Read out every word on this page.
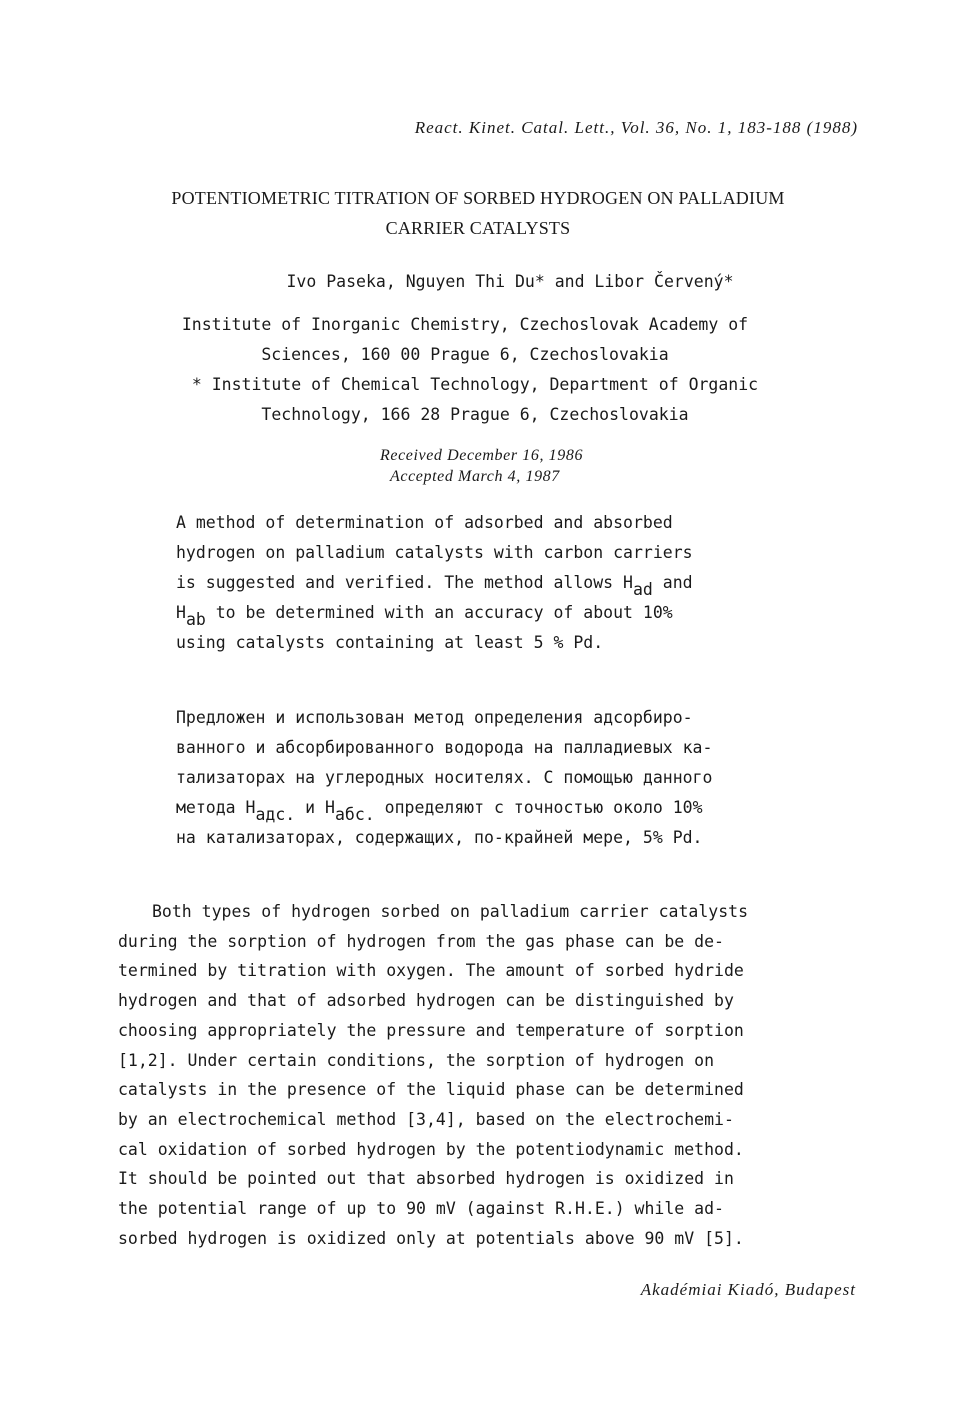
React. Kinet. Catal. Lett., Vol. 36, No. 1, 183-188 (1988)
POTENTIOMETRIC TITRATION OF SORBED HYDROGEN ON PALLADIUM
CARRIER CATALYSTS
Ivo Paseka, Nguyen Thi Du* and Libor Červený*
Institute of Inorganic Chemistry, Czechoslovak Academy of
Sciences, 160 00 Prague 6, Czechoslovakia
* Institute of Chemical Technology, Department of Organic
Technology, 166 28 Prague 6, Czechoslovakia
Received December 16, 1986
Accepted March 4, 1987
A method of determination of adsorbed and absorbed
hydrogen on palladium catalysts with carbon carriers
is suggested and verified. The method allows $H_{ad}$ and
$H_{ab}$ to be determined with an accuracy of about 10%
using catalysts containing at least 5 % Pd.
Предложен и использован метод определения адсорбиро-
ванного и абсорбированного водорода на палладиевых ка-
тализаторах на углеродных носителях. С помощью данного
метода $H_{адс.}$ и $H_{абс.}$ определяют с точностью около 10%
на катализаторах, содержащих, по-крайней мере, 5% Pd.
Both types of hydrogen sorbed on palladium carrier catalysts
during the sorption of hydrogen from the gas phase can be de-
termined by titration with oxygen. The amount of sorbed hydride
hydrogen and that of adsorbed hydrogen can be distinguished by
choosing appropriately the pressure and temperature of sorption
[1,2]. Under certain conditions, the sorption of hydrogen on
catalysts in the presence of the liquid phase can be determined
by an electrochemical method [3,4], based on the electrochemi-
cal oxidation of sorbed hydrogen by the potentiodynamic method.
It should be pointed out that absorbed hydrogen is oxidized in
the potential range of up to 90 mV (against R.H.E.) while ad-
sorbed hydrogen is oxidized only at potentials above 90 mV [5].
Akadémiai Kiadó, Budapest
